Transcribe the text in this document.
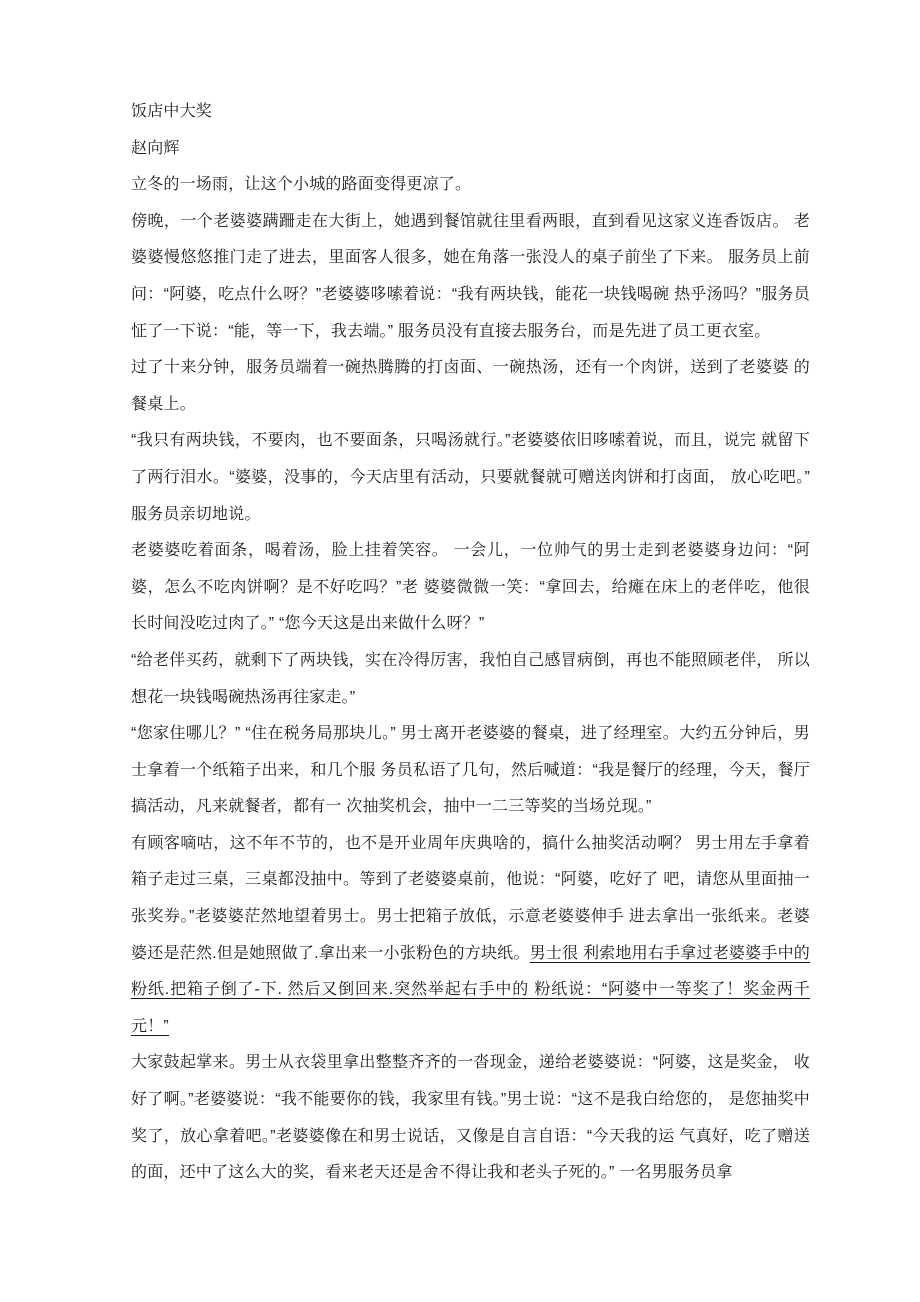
饭店中大奖

赵向辉

立冬的一场雨，让这个小城的路面变得更凉了。

傍晚，一个老婆婆蹒跚走在大街上，她遇到餐馆就往里看两眼，直到看见这家义连香饭店。 老婆婆慢悠悠推门走了进去，里面客人很多，她在角落一张没人的桌子前坐了下来。 服务员上前问：“阿婆，吃点什么呀？”老婆婆哆嗦着说：“我有两块钱，能花一块钱喝碗 热乎汤吗？”服务员怔了一下说：“能，等一下，我去端。” 服务员没有直接去服务台，而是先进了员工更衣室。

过了十来分钟，服务员端着一碗热腾腾的打卤面、一碗热汤，还有一个肉饼，送到了老婆婆 的餐桌上。

“我只有两块钱，不要肉，也不要面条，只喝汤就行。”老婆婆依旧哆嗦着说，而且，说完 就留下了两行泪水。“婆婆，没事的，今天店里有活动，只要就餐就可赠送肉饼和打卤面， 放心吃吧。”服务员亲切地说。

老婆婆吃着面条，喝着汤，脸上挂着笑容。 一会儿，一位帅气的男士走到老婆婆身边问：“阿婆，怎么不吃肉饼啊？是不好吃吗？”老 婆婆微微一笑：“拿回去，给瘫在床上的老伴吃，他很长时间没吃过肉了。” “您今天这是出来做什么呀？”

“给老伴买药，就剩下了两块钱，实在冷得厉害，我怕自己感冒病倒，再也不能照顾老伴， 所以想花一块钱喝碗热汤再往家走。”

“您家住哪儿？” “住在税务局那块儿。” 男士离开老婆婆的餐桌，进了经理室。大约五分钟后，男士拿着一个纸箱子出来，和几个服 务员私语了几句，然后喊道：“我是餐厅的经理，今天，餐厅搞活动，凡来就餐者，都有一 次抽奖机会，抽中一二三等奖的当场兑现。”

有顾客嘀咕，这不年不节的，也不是开业周年庆典啥的，搞什么抽奖活动啊？ 男士用左手拿着箱子走过三桌，三桌都没抽中。等到了老婆婆桌前，他说：“阿婆，吃好了 吧，请您从里面抽一张奖券。”老婆婆茫然地望着男士。男士把箱子放低，示意老婆婆伸手 进去拿出一张纸来。老婆婆还是茫然.但是她照做了.拿出来一小张粉色的方块纸。男士很 利索地用右手拿过老婆婆手中的粉纸.把箱子倒了-下. 然后又倒回来.突然举起右手中的 粉纸说：“阿婆中一等奖了！奖金两千元！”

大家鼓起掌来。男士从衣袋里拿出整整齐齐的一沓现金，递给老婆婆说：“阿婆，这是奖金， 收好了啊。”老婆婆说：“我不能要你的钱，我家里有钱。”男士说：“这不是我白给您的， 是您抽奖中奖了，放心拿着吧。”老婆婆像在和男士说话，又像是自言自语：“今天我的运 气真好，吃了赠送的面，还中了这么大的奖，看来老天还是舍不得让我和老头子死的。” 一名男服务员拿
